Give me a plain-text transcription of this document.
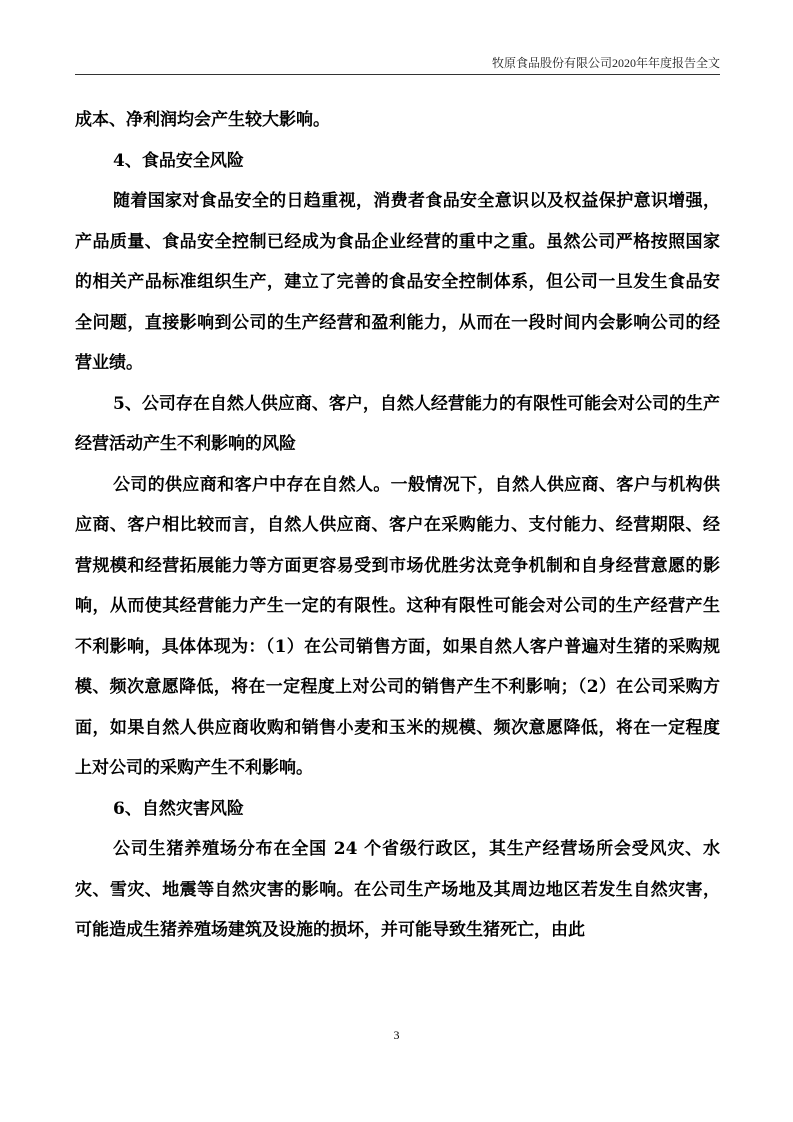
牧原食品股份有限公司2020年年度报告全文

成本、净利润均会产生较大影响。

4、食品安全风险

随着国家对食品安全的日趋重视，消费者食品安全意识以及权益保护意识增强，产品质量、食品安全控制已经成为食品企业经营的重中之重。虽然公司严格按照国家的相关产品标准组织生产，建立了完善的食品安全控制体系，但公司一旦发生食品安全问题，直接影响到公司的生产经营和盈利能力，从而在一段时间内会影响公司的经营业绩。

5、公司存在自然人供应商、客户，自然人经营能力的有限性可能会对公司的生产经营活动产生不利影响的风险

公司的供应商和客户中存在自然人。一般情况下，自然人供应商、客户与机构供应商、客户相比较而言，自然人供应商、客户在采购能力、支付能力、经营期限、经营规模和经营拓展能力等方面更容易受到市场优胜劣汰竞争机制和自身经营意愿的影响，从而使其经营能力产生一定的有限性。这种有限性可能会对公司的生产经营产生不利影响，具体体现为：（1）在公司销售方面，如果自然人客户普遍对生猪的采购规模、频次意愿降低，将在一定程度上对公司的销售产生不利影响；（2）在公司采购方面，如果自然人供应商收购和销售小麦和玉米的规模、频次意愿降低，将在一定程度上对公司的采购产生不利影响。

6、自然灾害风险

公司生猪养殖场分布在全国 24 个省级行政区，其生产经营场所会受风灾、水灾、雪灾、地震等自然灾害的影响。在公司生产场地及其周边地区若发生自然灾害，可能造成生猪养殖场建筑及设施的损坏，并可能导致生猪死亡，由此

3
